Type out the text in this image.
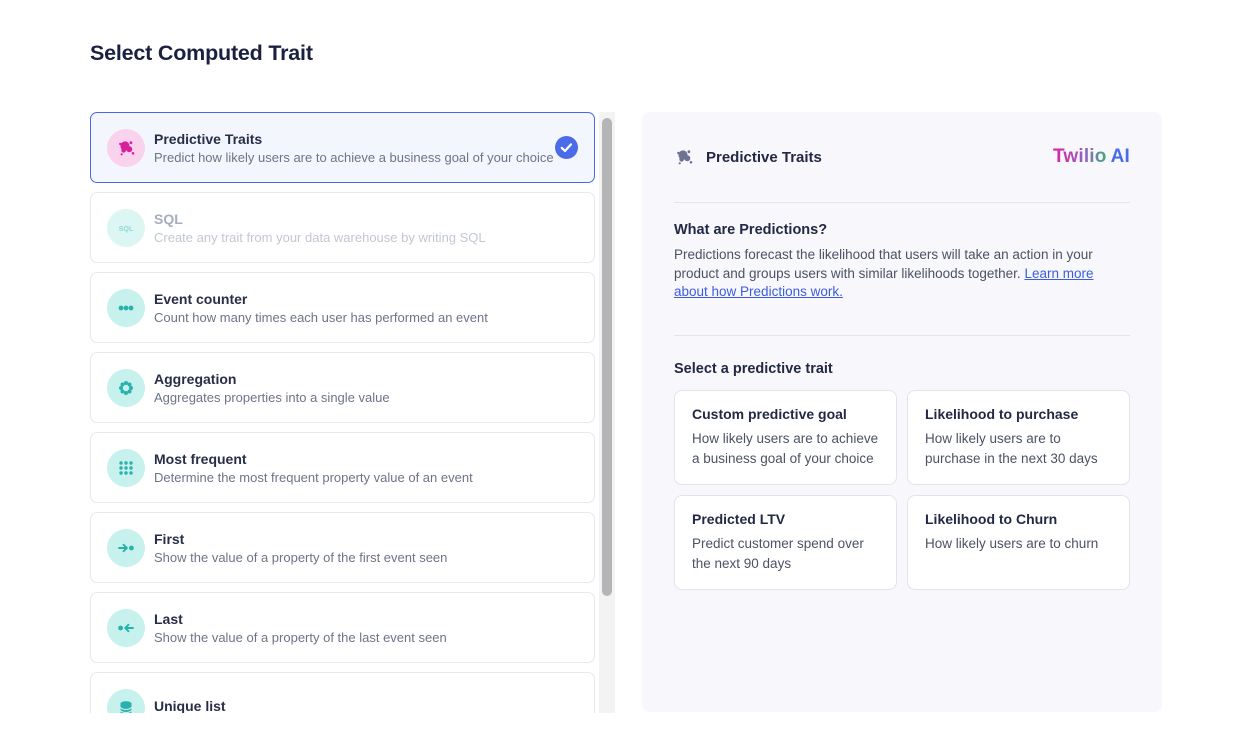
Select Computed Trait
Predictive Traits
Predict how likely users are to achieve a business goal of your choice
SQL
SQL
Create any trait from your data warehouse by writing SQL
Event counter
Count how many times each user has performed an event
Aggregation
Aggregates properties into a single value
Most frequent
Determine the most frequent property value of an event
First
Show the value of a property of the first event seen
Last
Show the value of a property of the last event seen
Unique list
Predictive Traits	Twilio AI
What are Predictions?

Predictions forecast the likelihood that users will take an action in your product and groups users with similar likelihoods together. Learn more about how Predictions work.

Select a predictive trait
Custom predictive goal
How likely users are to achieve a business goal of your choice
Likelihood to purchase
How likely users are to purchase in the next 30 days
Predicted LTV
Predict customer spend over the next 90 days
Likelihood to Churn
How likely users are to churn
